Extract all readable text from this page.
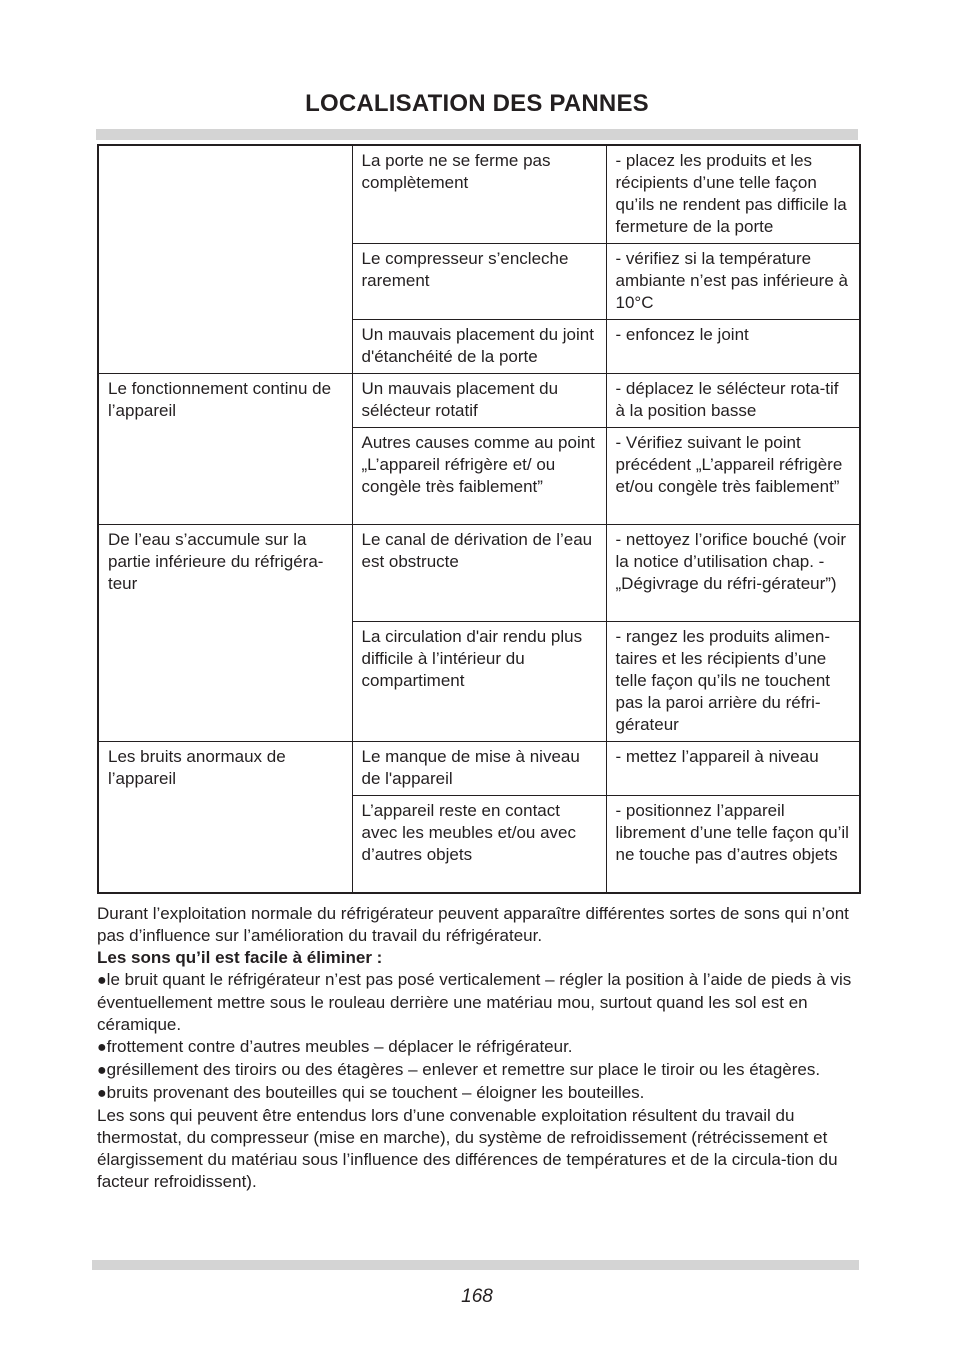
LOCALISATION DES PANNES
	La porte ne se ferme pas complètement	- placez les produits et les récipients d’une telle façon qu’ils ne rendent pas difficile la fermeture de la porte
	Le compresseur s’encleche rarement	- vérifiez si la température ambiante n’est pas inférieure à 10°C
	Un mauvais placement du joint d'étanchéité de la porte	- enfoncez le joint
Le fonctionnement continu de l’appareil	Un mauvais placement du sélécteur rotatif	- déplacez le sélécteur rota-tif à la position basse
	Autres causes comme au point „L’appareil réfrigère et/ ou congèle très faiblement”	- Vérifiez suivant le point précédent „L’appareil réfrigère et/ou congèle très faiblement”
De l’eau s’accumule sur la partie inférieure du réfrigéra-teur	Le canal de dérivation de l’eau est obstructe	- nettoyez l’orifice bouché (voir la notice d’utilisation chap. - „Dégivrage du réfri-gérateur”)
	La circulation d'air rendu plus difficile à l’intérieur du compartiment	- rangez les produits alimen-taires et les récipients d’une telle façon qu’ils ne touchent pas la paroi arrière du réfri-gérateur
Les bruits anormaux de l’appareil	Le manque de mise à niveau de l'appareil	- mettez l’appareil à niveau
	L’appareil reste en contact avec les meubles et/ou avec d’autres objets	- positionnez l’appareil librement d’une telle façon qu’il ne touche pas d’autres objets

Durant l’exploitation normale du réfrigérateur peuvent apparaître différentes sortes de sons qui n’ont pas d’influence sur l’amélioration du travail du réfrigérateur.

Les sons qu’il est facile à éliminer :

●le bruit quant le réfrigérateur n’est pas posé verticalement – régler la position à l’aide de pieds à vis éventuellement mettre sous le rouleau derrière une matériau mou, surtout quand les sol est en céramique.

●frottement contre d’autres meubles – déplacer le réfrigérateur.

●grésillement des tiroirs ou des étagères – enlever et remettre sur place le tiroir ou les étagères.

●bruits provenant des bouteilles qui se touchent – éloigner les bouteilles.

Les sons qui peuvent être entendus lors d’une convenable exploitation résultent du travail du thermostat, du compresseur (mise en marche), du système de refroidissement (rétrécissement et élargissement du matériau sous l’influence des différences de températures et de la circula-tion du facteur refroidissent).

168
